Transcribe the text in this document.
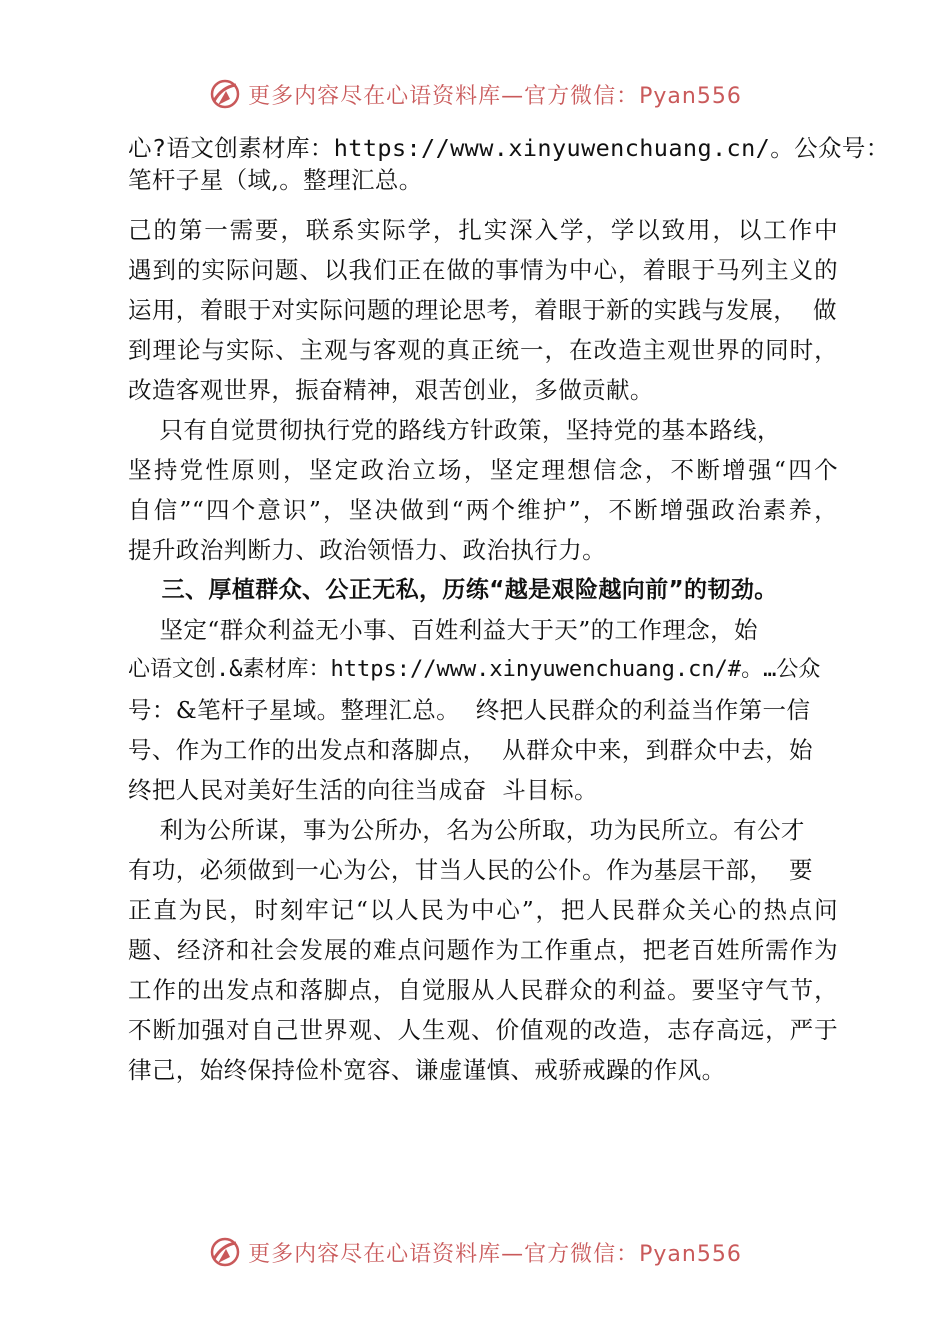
更多内容尽在心语资料库—官方微信：Pyan556
心?语文创素材库：https://www.xinyuwenchuang.cn/。公众号：
笔杆子星（域,。整理汇总。
己的第一需要，联系实际学，扎实深入学，学以致用，以工作中
遇到的实际问题、以我们正在做的事情为中心，着眼于马列主义的
运用，着眼于对实际问题的理论思考，着眼于新的实践与发展，  做
到理论与实际、主观与客观的真正统一，在改造主观世界的同时，
改造客观世界，振奋精神，艰苦创业，多做贡献。
只有自觉贯彻执行党的路线方针政策，坚持党的基本路线，
坚持党性原则，坚定政治立场，坚定理想信念，不断增强“四个
自信”“四个意识”，坚决做到“两个维护”，不断增强政治素养，
提升政治判断力、政治领悟力、政治执行力。
三、厚植群众、公正无私，历练“越是艰险越向前”的韧劲。
坚定“群众利益无小事、百姓利益大于天”的工作理念，始
心语文创.&素材库：https://www.xinyuwenchuang.cn/#。…公众
号：&笔杆子星域。整理汇总。  终把人民群众的利益当作第一信
号、作为工作的出发点和落脚点，  从群众中来，到群众中去，始
终把人民对美好生活的向往当成奋  斗目标。
利为公所谋，事为公所办，名为公所取，功为民所立。有公才
有功，必须做到一心为公，甘当人民的公仆。作为基层干部，  要
正直为民，时刻牢记“以人民为中心”，把人民群众关心的热点问
题、经济和社会发展的难点问题作为工作重点，把老百姓所需作为
工作的出发点和落脚点，自觉服从人民群众的利益。要坚守气节，
不断加强对自己世界观、人生观、价值观的改造，志存高远，严于
律己，始终保持俭朴宽容、谦虚谨慎、戒骄戒躁的作风。
更多内容尽在心语资料库—官方微信：Pyan556
